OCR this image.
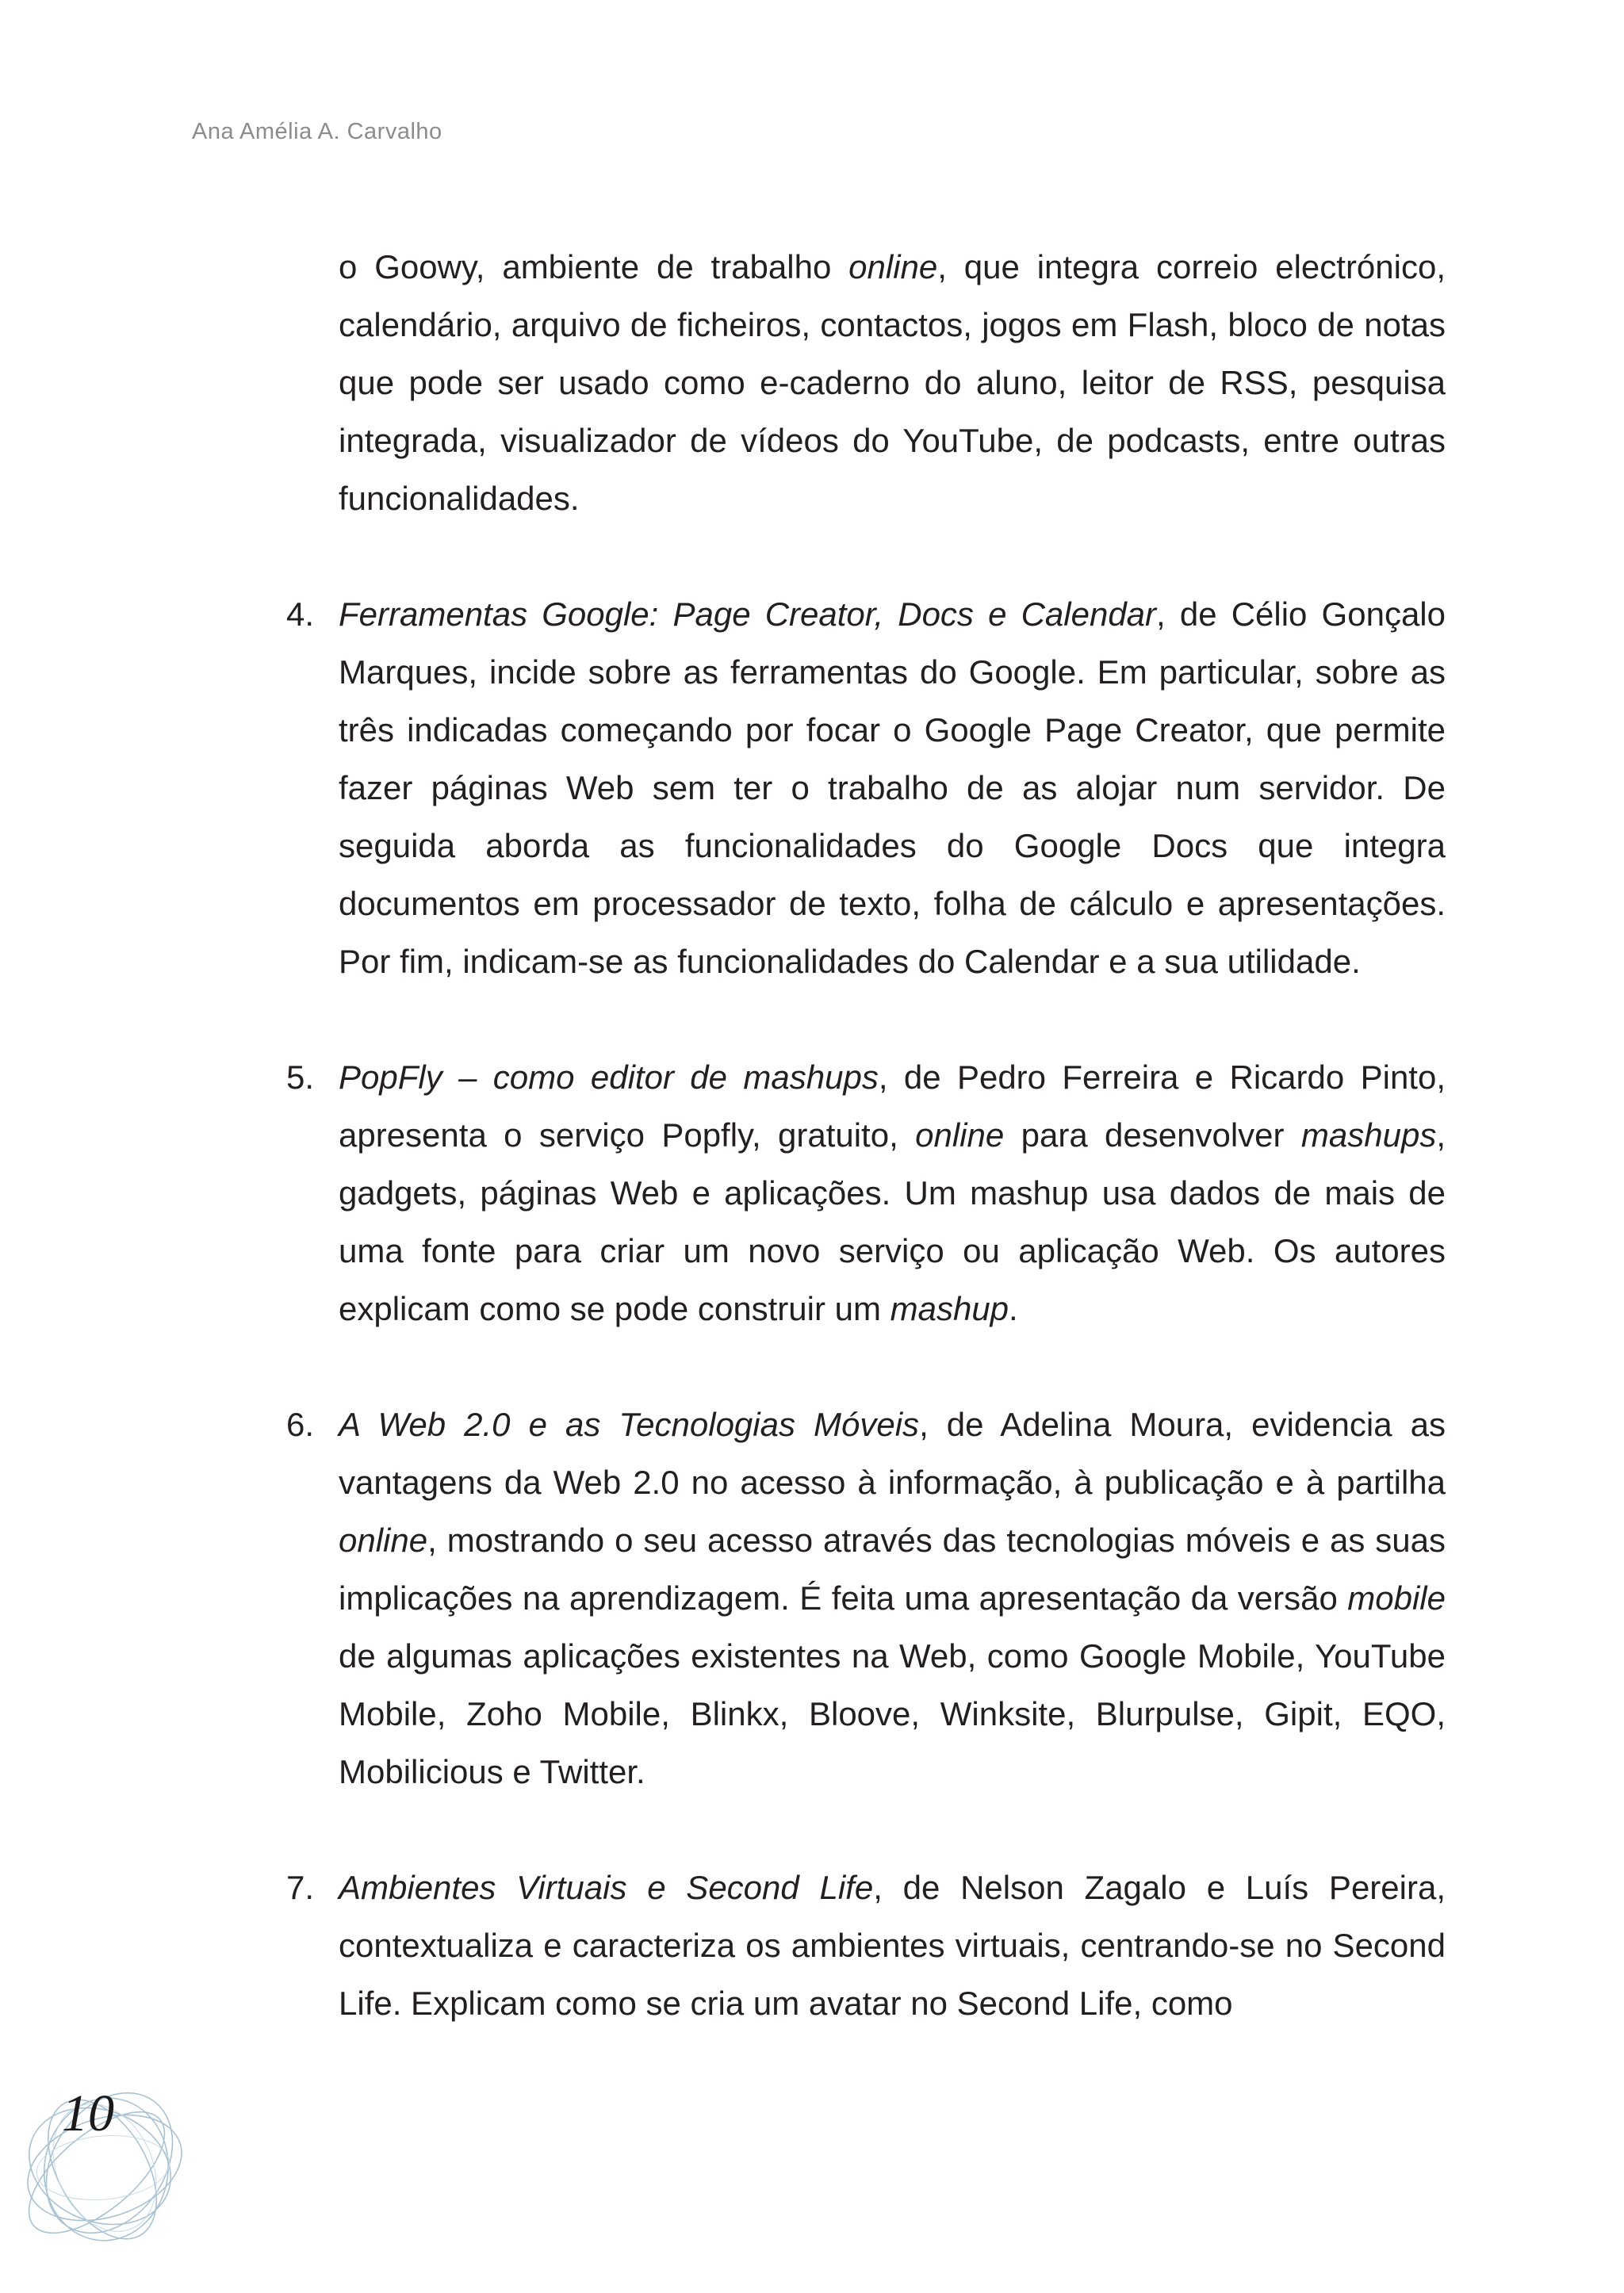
Ana Amélia A. Carvalho

o Goowy, ambiente de trabalho online, que integra correio electrónico, calendário, arquivo de ficheiros, contactos, jogos em Flash, bloco de notas que pode ser usado como e-caderno do aluno, leitor de RSS, pesquisa integrada, visualizador de vídeos do YouTube, de podcasts, entre outras funcionalidades.

4. Ferramentas Google: Page Creator, Docs e Calendar, de Célio Gonçalo Marques, incide sobre as ferramentas do Google. Em particular, sobre as três indicadas começando por focar o Google Page Creator, que permite fazer páginas Web sem ter o trabalho de as alojar num servidor. De seguida aborda as funcionalidades do Google Docs que integra documentos em processador de texto, folha de cálculo e apresentações. Por fim, indicam-se as funcionalidades do Calendar e a sua utilidade.

5. PopFly – como editor de mashups, de Pedro Ferreira e Ricardo Pinto, apresenta o serviço Popfly, gratuito, online para desenvolver mashups, gadgets, páginas Web e aplicações. Um mashup usa dados de mais de uma fonte para criar um novo serviço ou aplicação Web. Os autores explicam como se pode construir um mashup.

6. A Web 2.0 e as Tecnologias Móveis, de Adelina Moura, evidencia as vantagens da Web 2.0 no acesso à informação, à publicação e à partilha online, mostrando o seu acesso através das tecnologias móveis e as suas implicações na aprendizagem. É feita uma apresentação da versão mobile de algumas aplicações existentes na Web, como Google Mobile, YouTube Mobile, Zoho Mobile, Blinkx, Bloove, Winksite, Blurpulse, Gipit, EQO, Mobilicious e Twitter.

7. Ambientes Virtuais e Second Life, de Nelson Zagalo e Luís Pereira, contextualiza e caracteriza os ambientes virtuais, centrando-se no Second Life. Explicam como se cria um avatar no Second Life, como

10
